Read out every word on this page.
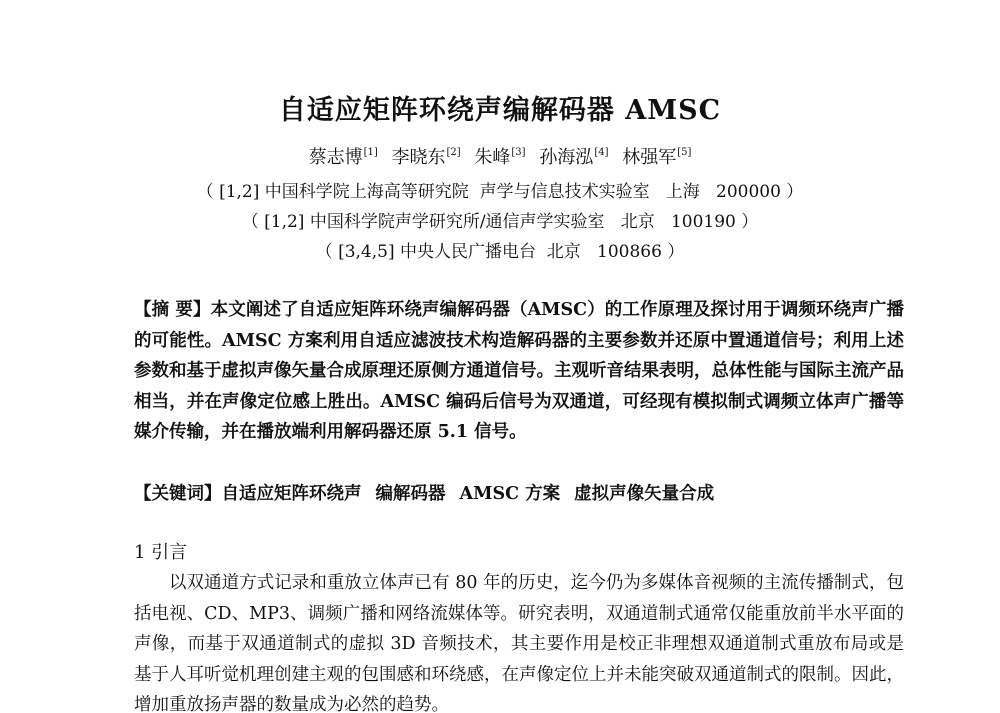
自适应矩阵环绕声编解码器 AMSC
蔡志博[1] 李晓东[2] 朱峰[3] 孙海泓[4] 林强军[5]
（ [1,2] 中国科学院上海高等研究院  声学与信息技术实验室   上海   200000 ）
（ [1,2] 中国科学院声学研究所/通信声学实验室   北京   100190 ）
（ [3,4,5] 中央人民广播电台  北京   100866 ）
【摘 要】本文阐述了自适应矩阵环绕声编解码器（AMSC）的工作原理及探讨用于调频环绕声广播的可能性。AMSC 方案利用自适应滤波技术构造解码器的主要参数并还原中置通道信号；利用上述参数和基于虚拟声像矢量合成原理还原侧方通道信号。主观听音结果表明，总体性能与国际主流产品相当，并在声像定位感上胜出。AMSC 编码后信号为双通道，可经现有模拟制式调频立体声广播等媒介传输，并在播放端利用解码器还原 5.1 信号。
【关键词】自适应矩阵环绕声 编解码器 AMSC 方案 虚拟声像矢量合成
1 引言
以双通道方式记录和重放立体声已有 80 年的历史，迄今仍为多媒体音视频的主流传播制式，包括电视、CD、MP3、调频广播和网络流媒体等。研究表明，双通道制式通常仅能重放前半水平面的声像，而基于双通道制式的虚拟 3D 音频技术，其主要作用是校正非理想双通道制式重放布局或是基于人耳听觉机理创建主观的包围感和环绕感，在声像定位上并未能突破双通道制式的限制。因此，增加重放扬声器的数量成为必然的趋势。
